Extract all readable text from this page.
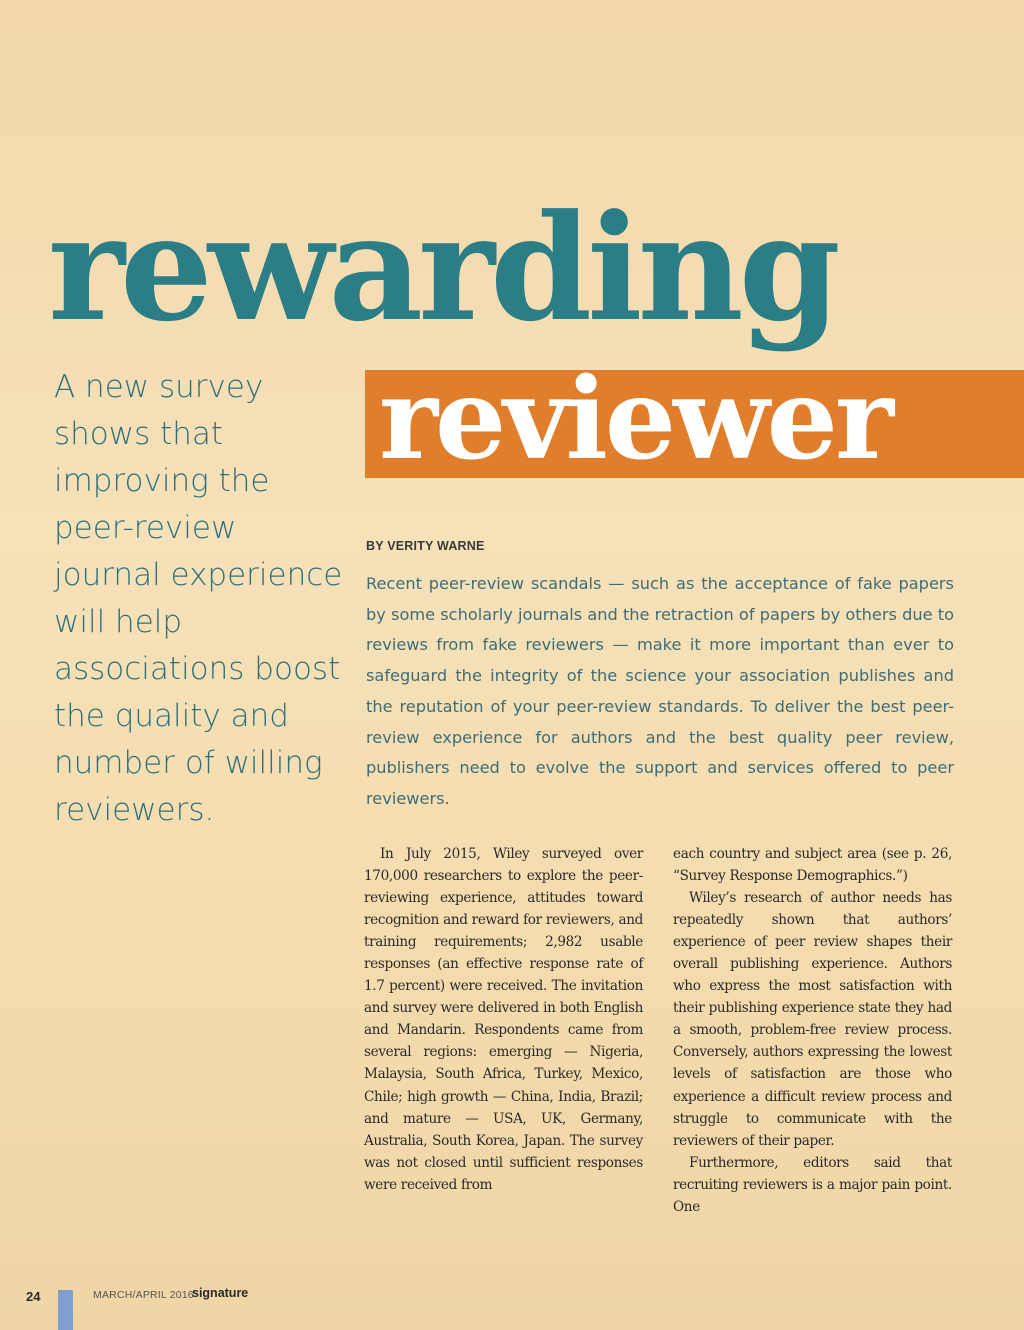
rewarding
reviewer

A new survey shows that improving the peer-review journal experience will help associations boost the quality and number of willing reviewers.

BY VERITY WARNE

Recent peer-review scandals — such as the acceptance of fake papers by some scholarly journals and the retraction of papers by others due to reviews from fake reviewers — make it more important than ever to safeguard the integrity of the science your association publishes and the reputation of your peer-review standards. To deliver the best peer-review experience for authors and the best quality peer review, publishers need to evolve the support and services offered to peer reviewers.

In July 2015, Wiley surveyed over 170,000 researchers to explore the peer-reviewing experience, attitudes toward recognition and reward for reviewers, and training requirements; 2,982 usable responses (an effective response rate of 1.7 percent) were received. The invitation and survey were delivered in both English and Mandarin. Respondents came from several regions: emerging — Nigeria, Malaysia, South Africa, Turkey, Mexico, Chile; high growth — China, India, Brazil; and mature — USA, UK, Germany, Australia, South Korea, Japan. The survey was not closed until sufficient responses were received from

each country and subject area (see p. 26, “Survey Response Demographics.”)

Wiley’s research of author needs has repeatedly shown that authors’ experience of peer review shapes their overall publishing experience. Authors who express the most satisfaction with their publishing experience state they had a smooth, problem-free review process. Conversely, authors expressing the lowest levels of satisfaction are those who experience a difficult review process and struggle to communicate with the reviewers of their paper.

Furthermore, editors said that recruiting reviewers is a major pain point. One

24	MARCH/APRIL 2016
signature
